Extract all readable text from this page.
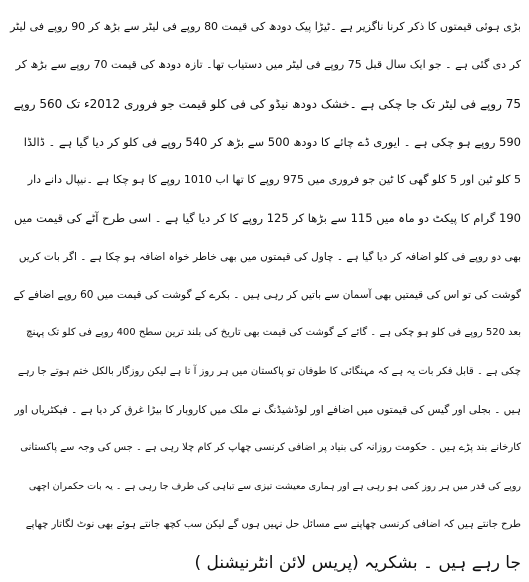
بڑی ہوئی قیمتوں کا ذکر کرنا ناگزیر ہے ۔ٹیڑا پیک دودھ کی قیمت 80 روپے فی لیٹر سے بڑھ کر 90 روپے فی لیٹر
کر دی گئی ہے ۔ جو ایک سال قبل 75 روپے فی لیٹر میں دستیاب تھا۔ تازہ دودھ کی قیمت 70 روپے سے بڑھ کر
75 روپے فی لیٹر تک جا چکی ہے ۔خشک دودھ نیڈو کی فی کلو قیمت جو فروری 2012ء تک 560 روپے
590 روپے ہو چکی ہے ۔ ایوری ڈے چائے کا دودھ 500 سے بڑھ کر 540 روپے فی کلو کر دیا گیا ہے ۔ ڈالڈا
5 کلو ٹین اور 5 کلو گھی کا ٹین جو فروری میں 975 روپے کا تھا اب 1010 روپے کا ہو چکا ہے ۔نیپال دانے دار
190 گرام کا پیکٹ دو ماہ میں 115 سے بڑھا کر 125 روپے کا کر دیا گیا ہے ۔ اسی طرح آٹے کی قیمت میں
بھی دو روپے فی کلو اضافہ کر دیا گیا ہے ۔ چاول کی قیمتوں میں بھی خاطر خواہ اضافہ ہو چکا ہے ۔ اگر بات کریں
گوشت کی تو اس کی قیمتیں بھی آسمان سے باتیں کر رہی ہیں ۔ بکرے کے گوشت کی قیمت میں 60 روپے اضافے کے
بعد 520 روپے فی کلو ہو چکی ہے ۔ گائے کے گوشت کی قیمت بھی تاریخ کی بلند ترین سطح 400 روپے فی کلو تک پہنچ
چکی ہے ۔ قابل فکر بات یہ ہے کہ مہنگائی کا طوفان تو پاکستان میں ہر روز آ تا ہے لیکن روزگار بالکل ختم ہوتے جا رہے
ہیں ۔ بجلی اور گیس کی قیمتوں میں اضافے اور لوڈشیڈنگ نے ملک میں کاروبار کا بیڑا غرق کر دیا ہے ۔ فیکٹریاں اور
کارخانے بند پڑے ہیں ۔ حکومت روزانہ کی بنیاد پر اضافی کرنسی چھاپ کر کام چلا رہی ہے ۔ جس کی وجہ سے پاکستانی
روپے کی قدر میں ہر روز کمی ہو رہی ہے اور ہماری معیشت تیزی سے تباہی کی طرف جا رہی ہے ۔ یہ بات حکمران اچھی
طرح جانتے ہیں کہ اضافی کرنسی چھاپنے سے مسائل حل نہیں ہوں گے لیکن سب کچھ جانتے ہوئے بھی نوٹ لگاتار چھاپے
جا رہے ہیں ۔ بشکریہ (پریس لائن انٹرنیشنل )
